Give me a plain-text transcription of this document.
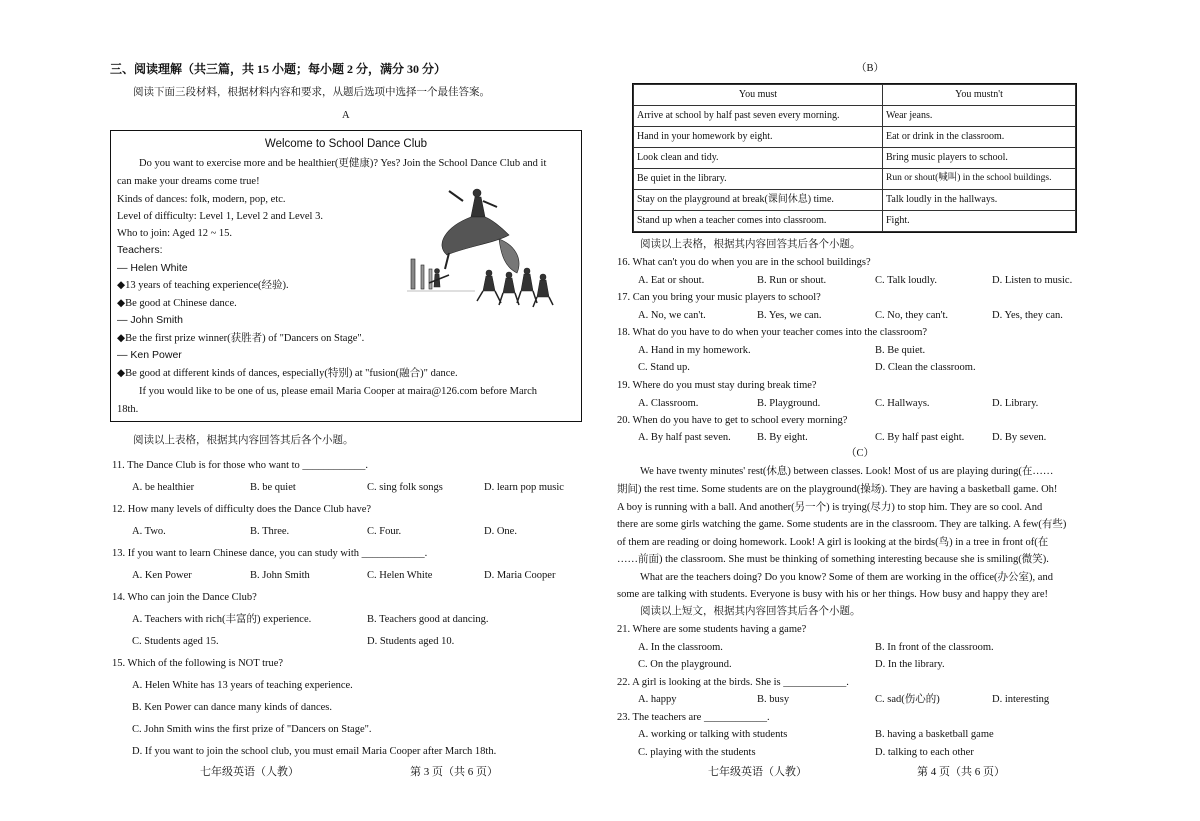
三、阅读理解（共三篇，共 15 小题；每小题 2 分，满分 30 分）
阅读下面三段材料，根据材料内容和要求，从题后选项中选择一个最佳答案。
A
Welcome to School Dance Club
Do you want to exercise more and be healthier(更健康)? Yes? Join the School Dance Club and it
can make your dreams come true!
Kinds of dances: folk, modern, pop, etc.
Level of difficulty: Level 1, Level 2 and Level 3.
Who to join: Aged 12 ~ 15.
Teachers:
— Helen White
◆13 years of teaching experience(经验).
◆Be good at Chinese dance.
— John Smith
◆Be the first prize winner(获胜者) of "Dancers on Stage".
— Ken Power
◆Be good at different kinds of dances, especially(特别) at "fusion(融合)" dance.
If you would like to be one of us, please email Maria Cooper at maira@126.com before March
18th.
阅读以上表格，根据其内容回答其后各个小题。
11. The Dance Club is for those who want to ____________.
A. be healthier	B. be quiet	C. sing folk songs	D. learn pop music
12. How many levels of difficulty does the Dance Club have?
A. Two.	B. Three.	C. Four.	D. One.
13. If you want to learn Chinese dance, you can study with ____________.
A. Ken Power	B. John Smith	C. Helen White	D. Maria Cooper
14. Who can join the Dance Club?
A. Teachers with rich(丰富的) experience.	B. Teachers good at dancing.
C. Students aged 15.	D. Students aged 10.
15. Which of the following is NOT true?
A. Helen White has 13 years of teaching experience.
B. Ken Power can dance many kinds of dances.
C. John Smith wins the first prize of "Dancers on Stage".
D. If you want to join the school club, you must email Maria Cooper after March 18th.
七年级英语（人教）	第 3 页（共 6 页）
（B）
You must	You mustn't
Arrive at school by half past seven every morning.	Wear jeans.
Hand in your homework by eight.	Eat or drink in the classroom.
Look clean and tidy.	Bring music players to school.
Be quiet in the library.	Run or shout(喊叫) in the school buildings.
Stay on the playground at break(课间休息) time.	Talk loudly in the hallways.
Stand up when a teacher comes into classroom.	Fight.
阅读以上表格，根据其内容回答其后各个小题。
16. What can't you do when you are in the school buildings?
A. Eat or shout.	B. Run or shout.	C. Talk loudly.	D. Listen to music.
17. Can you bring your music players to school?
A. No, we can't.	B. Yes, we can.	C. No, they can't.	D. Yes, they can.
18. What do you have to do when your teacher comes into the classroom?
A. Hand in my homework.	B. Be quiet.
C. Stand up.	D. Clean the classroom.
19. Where do you must stay during break time?
A. Classroom.	B. Playground.	C. Hallways.	D. Library.
20. When do you have to get to school every morning?
A. By half past seven.	B. By eight.	C. By half past eight.	D. By seven.
（C）
We have twenty minutes' rest(休息) between classes. Look! Most of us are playing during(在……
期间) the rest time. Some students are on the playground(操场). They are having a basketball game. Oh!
A boy is running with a ball. And another(另一个) is trying(尽力) to stop him. They are so cool. And
there are some girls watching the game. Some students are in the classroom. They are talking. A few(有些)
of them are reading or doing homework. Look! A girl is looking at the birds(鸟) in a tree in front of(在
……前面) the classroom. She must be thinking of something interesting because she is smiling(微笑).
What are the teachers doing? Do you know? Some of them are working in the office(办公室), and
some are talking with students. Everyone is busy with his or her things. How busy and happy they are!
阅读以上短文，根据其内容回答其后各个小题。
21. Where are some students having a game?
A. In the classroom.	B. In front of the classroom.
C. On the playground.	D. In the library.
22. A girl is looking at the birds. She is ____________.
A. happy	B. busy	C. sad(伤心的)	D. interesting
23. The teachers are ____________.
A. working or talking with students	B. having a basketball game
C. playing with the students	D. talking to each other
七年级英语（人教）	第 4 页（共 6 页）
